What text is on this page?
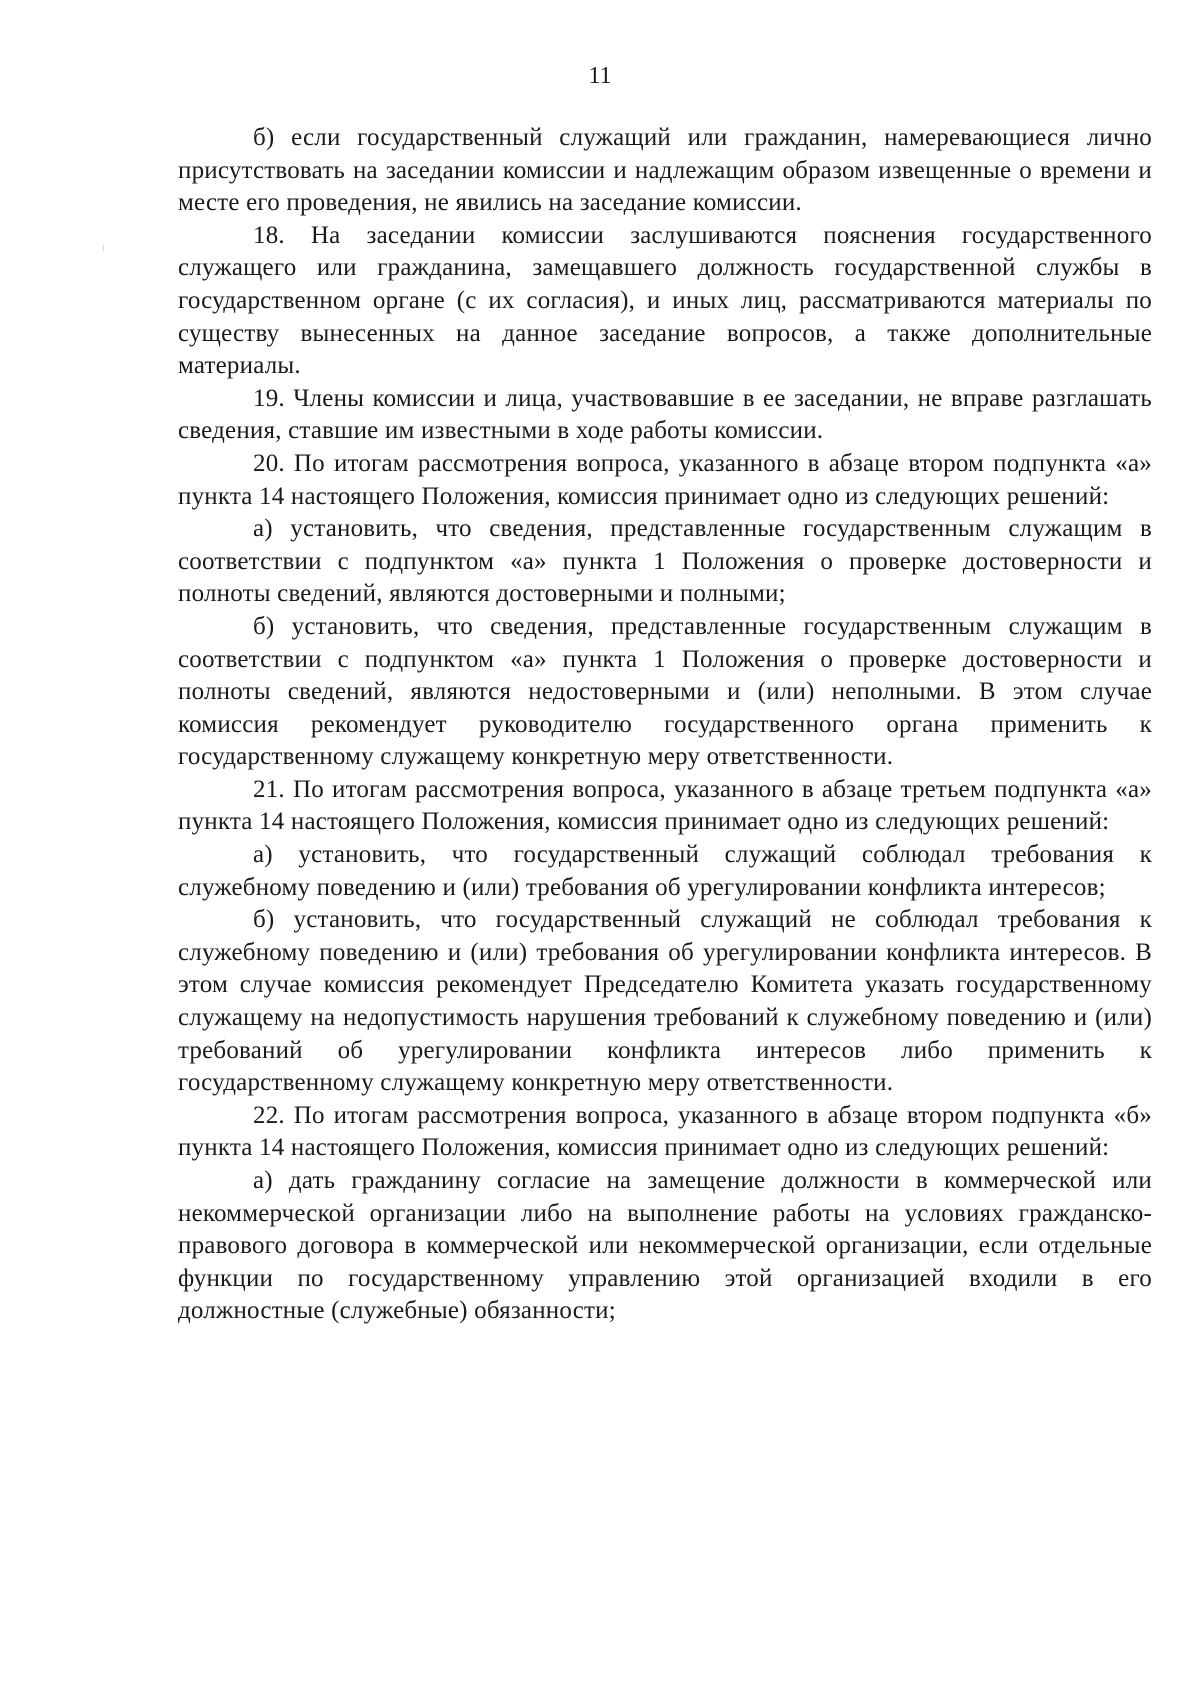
11

б) если государственный служащий или гражданин, намеревающиеся лично присутствовать на заседании комиссии и надлежащим образом извещенные о времени и месте его проведения, не явились на заседание комиссии.

18. На заседании комиссии заслушиваются пояснения государственного служащего или гражданина, замещавшего должность государственной службы в государственном органе (с их согласия), и иных лиц, рассматриваются материалы по существу вынесенных на данное заседание вопросов, а также дополнительные материалы.

19. Члены комиссии и лица, участвовавшие в ее заседании, не вправе разглашать сведения, ставшие им известными в ходе работы комиссии.

20. По итогам рассмотрения вопроса, указанного в абзаце втором подпункта «а» пункта 14 настоящего Положения, комиссия принимает одно из следующих решений:

а) установить, что сведения, представленные государственным служащим в соответствии с подпунктом «а» пункта 1 Положения о проверке достоверности и полноты сведений, являются достоверными и полными;

б) установить, что сведения, представленные государственным служащим в соответствии с подпунктом «а» пункта 1 Положения о проверке достоверности и полноты сведений, являются недостоверными и (или) неполными. В этом случае комиссия рекомендует руководителю государственного органа применить к государственному служащему конкретную меру ответственности.

21. По итогам рассмотрения вопроса, указанного в абзаце третьем подпункта «а» пункта 14 настоящего Положения, комиссия принимает одно из следующих решений:

а) установить, что государственный служащий соблюдал требования к служебному поведению и (или) требования об урегулировании конфликта интересов;

б) установить, что государственный служащий не соблюдал требования к служебному поведению и (или) требования об урегулировании конфликта интересов. В этом случае комиссия рекомендует Председателю Комитета указать государственному служащему на недопустимость нарушения требований к служебному поведению и (или) требований об урегулировании конфликта интересов либо применить к государственному служащему конкретную меру ответственности.

22. По итогам рассмотрения вопроса, указанного в абзаце втором подпункта «б» пункта 14 настоящего Положения, комиссия принимает одно из следующих решений:

а) дать гражданину согласие на замещение должности в коммерческой или некоммерческой организации либо на выполнение работы на условиях гражданско-правового договора в коммерческой или некоммерческой организации, если отдельные функции по государственному управлению этой организацией входили в его должностные (служебные) обязанности;
